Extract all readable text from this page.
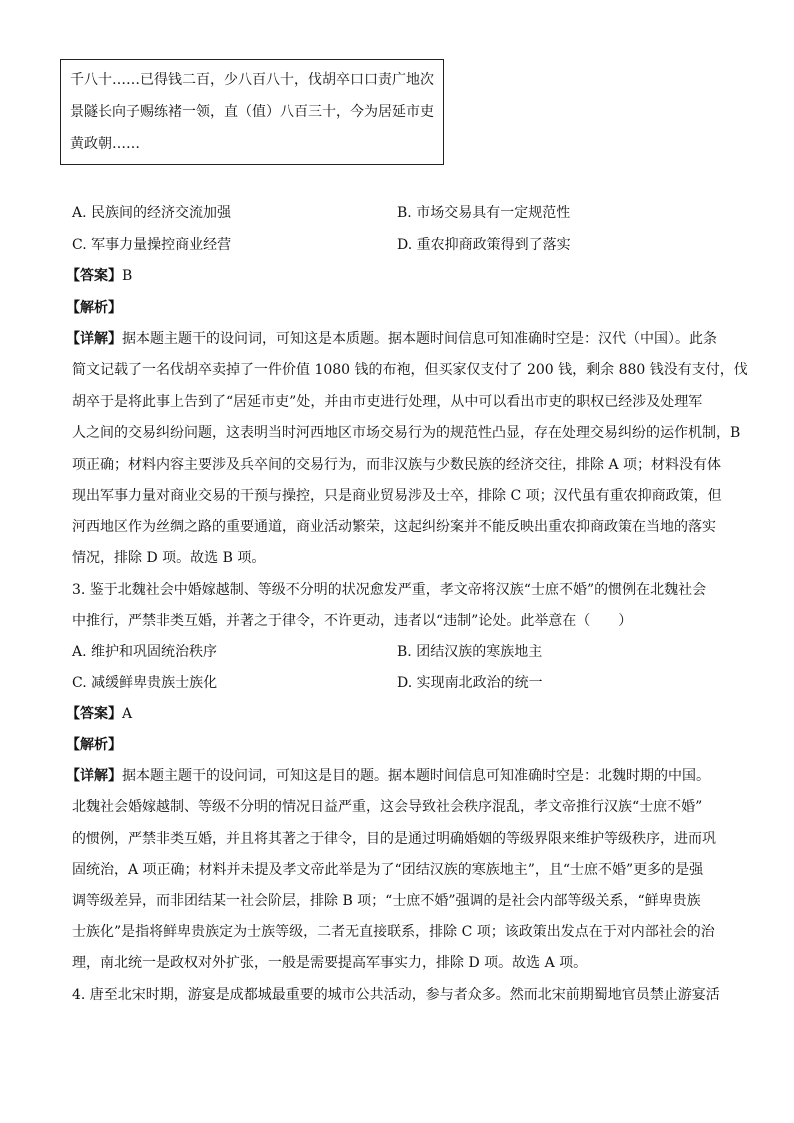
千八十……已得钱二百，少八百八十，伐胡卒口口责广地次
景隧长向子赐练褚一领，直（值）八百三十，今为居延市吏
黄政朝……
A. 民族间的经济交流加强	B. 市场交易具有一定规范性
C. 军事力量操控商业经营	D. 重农抑商政策得到了落实
【答案】B
【解析】
【详解】据本题主题干的设问词，可知这是本质题。据本题时间信息可知准确时空是：汉代（中国）。此条
简文记载了一名伐胡卒卖掉了一件价值 1080 钱的布袍，但买家仅支付了 200 钱，剩余 880 钱没有支付，伐
胡卒于是将此事上告到了“居延市吏”处，并由市吏进行处理，从中可以看出市吏的职权已经涉及处理军
人之间的交易纠纷问题，这表明当时河西地区市场交易行为的规范性凸显，存在处理交易纠纷的运作机制，B
项正确；材料内容主要涉及兵卒间的交易行为，而非汉族与少数民族的经济交往，排除 A 项；材料没有体
现出军事力量对商业交易的干预与操控，只是商业贸易涉及士卒，排除 C 项；汉代虽有重农抑商政策，但
河西地区作为丝绸之路的重要通道，商业活动繁荣，这起纠纷案并不能反映出重农抑商政策在当地的落实
情况，排除 D 项。故选 B 项。
3. 鉴于北魏社会中婚嫁越制、等级不分明的状况愈发严重，孝文帝将汉族“士庶不婚”的惯例在北魏社会
中推行，严禁非类互婚，并著之于律令，不许更动，违者以“违制”论处。此举意在（　　）
A. 维护和巩固统治秩序	B. 团结汉族的寒族地主
C. 减缓鲜卑贵族士族化	D. 实现南北政治的统一
【答案】A
【解析】
【详解】据本题主题干的设问词，可知这是目的题。据本题时间信息可知准确时空是：北魏时期的中国。
北魏社会婚嫁越制、等级不分明的情况日益严重，这会导致社会秩序混乱，孝文帝推行汉族“士庶不婚”
的惯例，严禁非类互婚，并且将其著之于律令，目的是通过明确婚姻的等级界限来维护等级秩序，进而巩
固统治，A 项正确；材料并未提及孝文帝此举是为了“团结汉族的寒族地主”，且“士庶不婚”更多的是强
调等级差异，而非团结某一社会阶层，排除 B 项；“士庶不婚”强调的是社会内部等级关系，“鲜卑贵族
士族化”是指将鲜卑贵族定为士族等级，二者无直接联系，排除 C 项；该政策出发点在于对内部社会的治
理，南北统一是政权对外扩张，一般是需要提高军事实力，排除 D 项。故选 A 项。
4. 唐至北宋时期，游宴是成都城最重要的城市公共活动，参与者众多。然而北宋前期蜀地官员禁止游宴活
